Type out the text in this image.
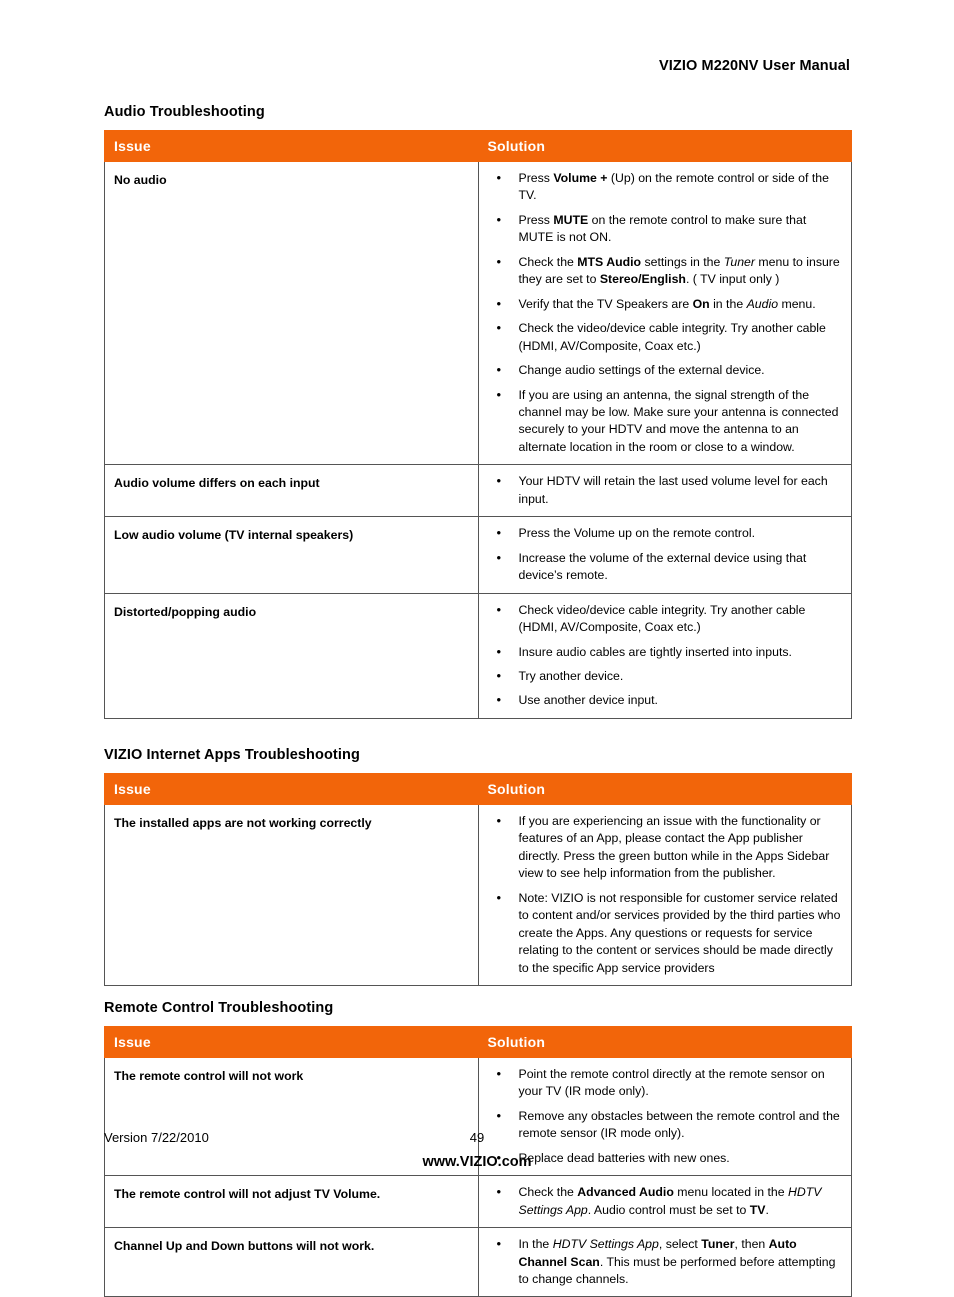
VIZIO M220NV User Manual
Audio Troubleshooting
Issue	Solution
No audio	
•Press Volume + (Up) on the remote control or side of the TV.
• Press MUTE on the remote control to make sure that MUTE is not ON.
• Check the MTS Audio settings in the Tuner menu to insure they are set to Stereo/English. ( TV input only )
• Verify that the TV Speakers are On in the Audio menu.
• Check the video/device cable integrity. Try another cable (HDMI, AV/Composite, Coax etc.)
• Change audio settings of the external device.
• If you are using an antenna, the signal strength of the channel may be low. Make sure your antenna is connected securely to your HDTV and move the antenna to an alternate location in the room or close to a window.

Audio volume differs on each input	
•Your HDTV will retain the last used volume level for each input.

Low audio volume (TV internal speakers)	
•Press the Volume up on the remote control.
• Increase the volume of the external device using that device’s remote.

Distorted/popping audio	
•Check video/device cable integrity. Try another cable (HDMI, AV/Composite, Coax etc.)
• Insure audio cables are tightly inserted into inputs.
• Try another device.
• Use another device input.
VIZIO Internet Apps Troubleshooting
Issue	Solution
The installed apps are not working correctly	
•If you are experiencing an issue with the functionality or features of an App, please contact the App publisher directly. Press the green button while in the Apps Sidebar view to see help information from the publisher.
• Note: VIZIO is not responsible for customer service related to content and/or services provided by the third parties who create the Apps. Any questions or requests for service relating to the content or services should be made directly to the specific App service providers
Remote Control Troubleshooting
Issue	Solution
The remote control will not work	
•Point the remote control directly at the remote sensor on your TV (IR mode only).
• Remove any obstacles between the remote control and the remote sensor (IR mode only).
• Replace dead batteries with new ones.

The remote control will not adjust TV Volume.	
•Check the Advanced Audio menu located in the HDTV Settings App. Audio control must be set to TV.

Channel Up and Down buttons will not work.	
•In the HDTV Settings App, select Tuner, then Auto Channel Scan. This must be performed before attempting to change channels.
Version 7/22/2010	49
www.VIZIO.com
